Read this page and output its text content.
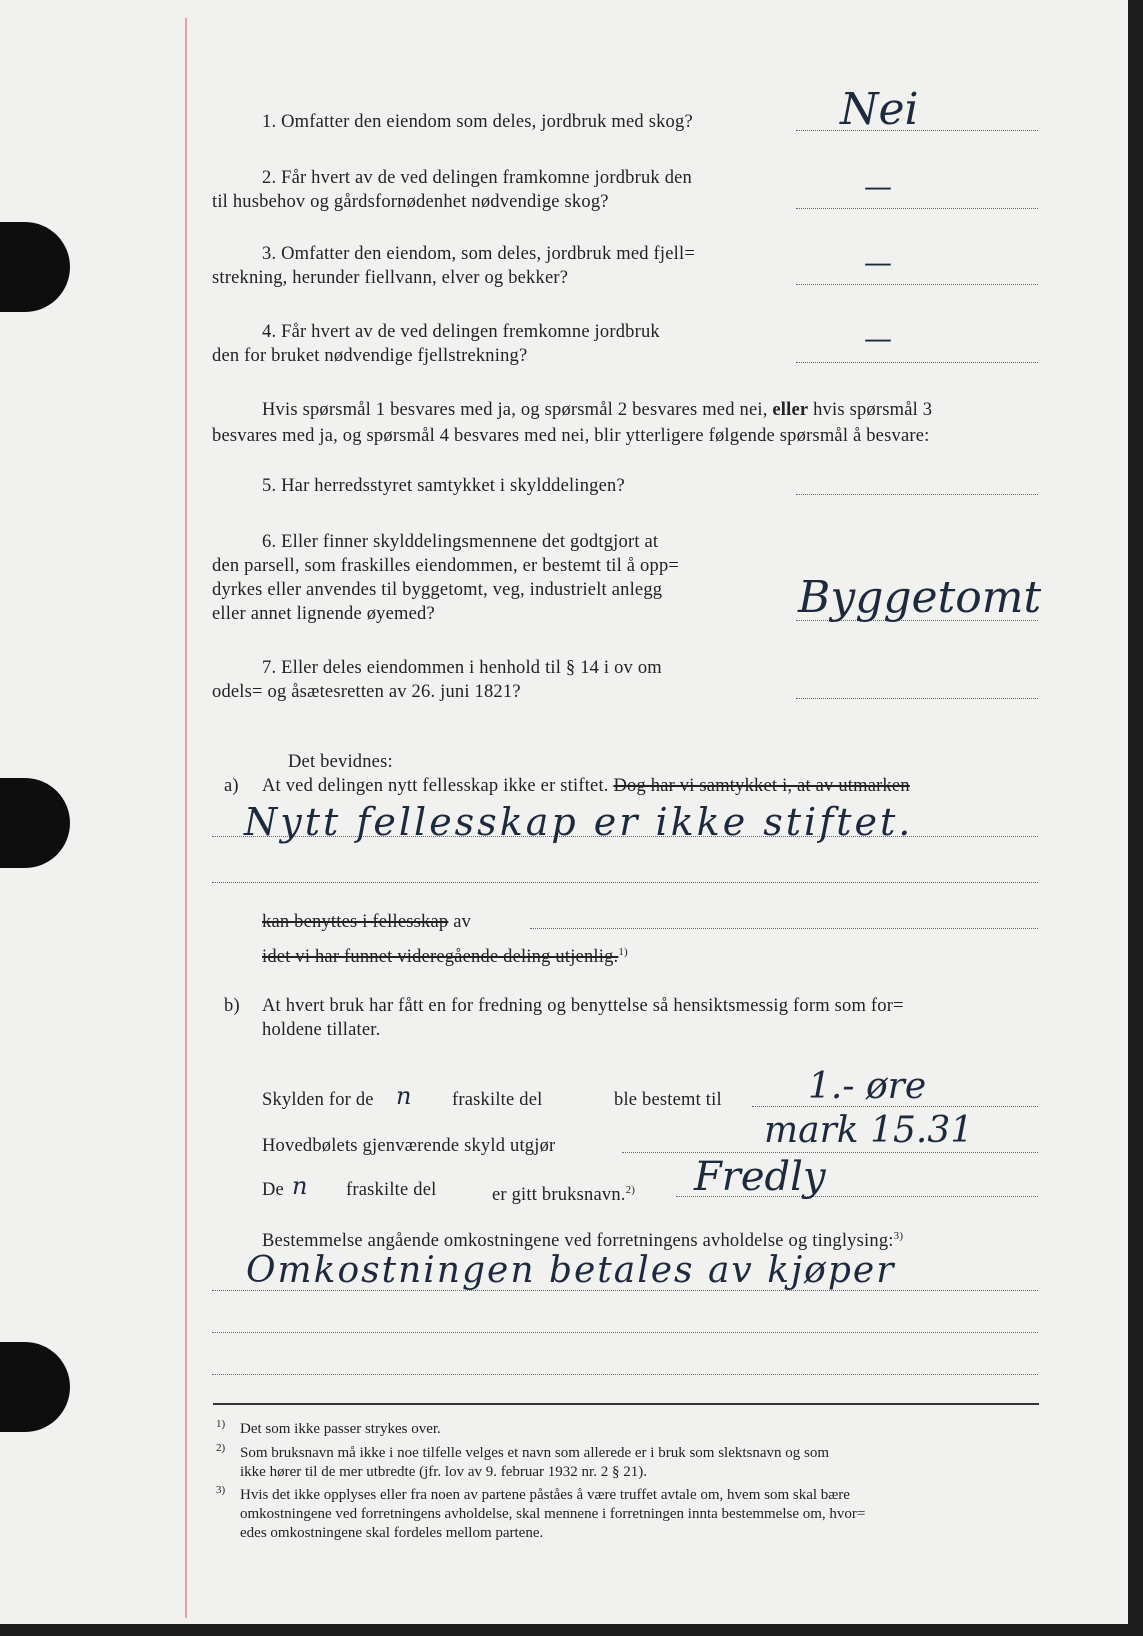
1. Omfatter den eiendom som deles, jordbruk med skog?	Nei
2. Får hvert av de ved delingen framkomne jordbruk den
til husbehov og gårdsfornødenhet nødvendige skog?	—
3. Omfatter den eiendom, som deles, jordbruk med fjell=
strekning, herunder fiellvann, elver og bekker?	—
4. Får hvert av de ved delingen fremkomne jordbruk
den for bruket nødvendige fjellstrekning?
—
Hvis spørsmål 1 besvares med ja, og spørsmål 2 besvares med nei, eller hvis spørsmål 3
besvares med ja, og spørsmål 4 besvares med nei, blir ytterligere følgende spørsmål å besvare:
5. Har herredsstyret samtykket i skylddelingen?
6. Eller finner skylddelingsmennene det godtgjort at
den parsell, som fraskilles eiendommen, er bestemt til å opp=
dyrkes eller anvendes til byggetomt, veg, industrielt anlegg
eller annet lignende øyemed?	Byggetomt
7. Eller deles eiendommen i henhold til § 14 i ov om
odels= og åsætesretten av 26. juni 1821?
Det bevidnes:
a) At ved delingen nytt fellesskap ikke er stiftet. Dog har vi samtykket i, at av utmarken
Nytt fellesskap er ikke stiftet.
kan benyttes i fellesskap av
idet vi har funnet videregående deling utjenlig.$^{1)}$
b) At hvert bruk har fått en for fredning og benyttelse så hensiktsmessig form som for=
holdene tillater.
Skylden for de n fraskilte del	ble bestemt til 1.- øre
Hovedbølets gjenværende skyld utgjør	mark 15.31
De n fraskilte del	er gitt bruksnavn.$^{2)}$ Fredly
Bestemmelse angående omkostningene ved forretningens avholdelse og tinglysing:$^{3)}$
Omkostningen betales av kjøper
1) Det som ikke passer strykes over.
2) Som bruksnavn må ikke i noe tilfelle velges et navn som allerede er i bruk som slektsnavn og som
ikke hører til de mer utbredte (jfr. lov av 9. februar 1932 nr. 2 § 21).
3) Hvis det ikke opplyses eller fra noen av partene påståes å være truffet avtale om, hvem som skal bære
omkostningene ved forretningens avholdelse, skal mennene i forretningen innta bestemmelse om, hvor=
edes omkostningene skal fordeles mellom partene.
